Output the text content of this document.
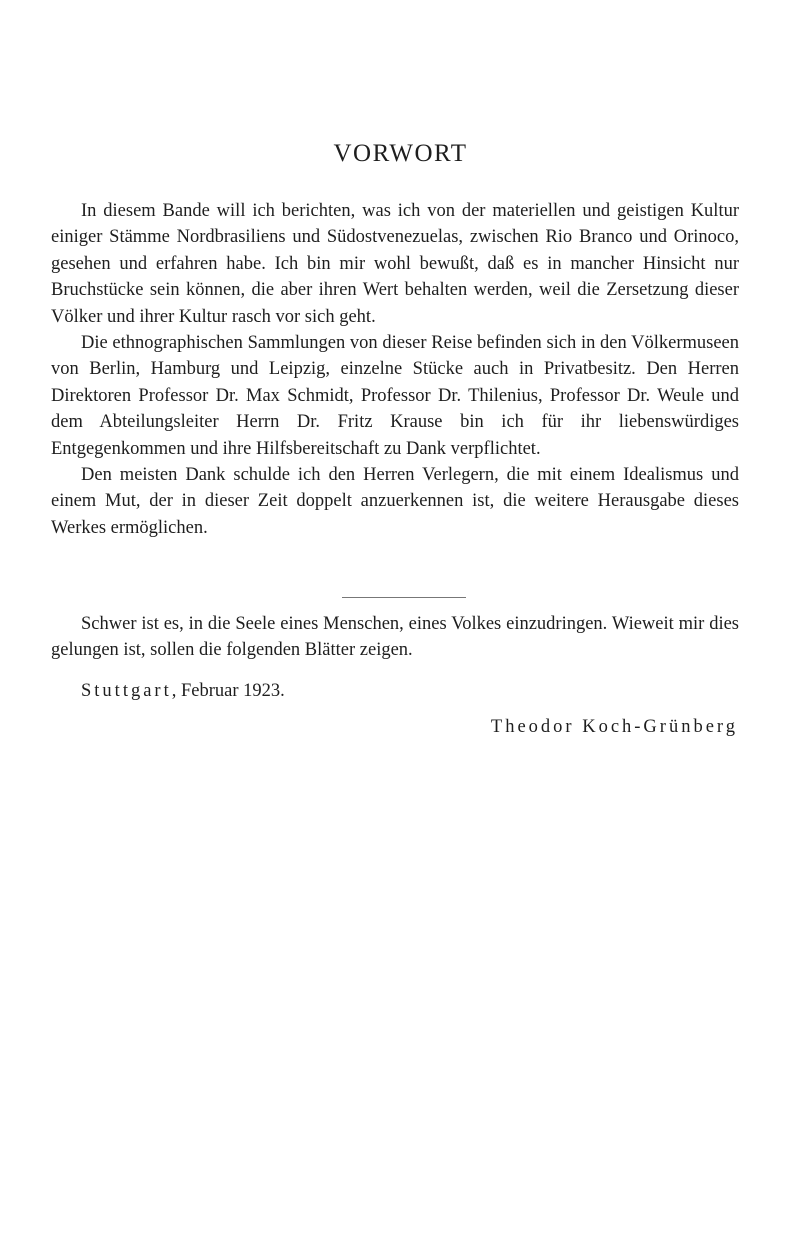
VORWORT

In diesem Bande will ich berichten, was ich von der materiellen und geistigen Kultur einiger Stämme Nordbrasiliens und Südostvenezuelas, zwischen Rio Branco und Orinoco, gesehen und erfahren habe. Ich bin mir wohl bewußt, daß es in mancher Hinsicht nur Bruchstücke sein können, die aber ihren Wert behalten werden, weil die Zersetzung dieser Völker und ihrer Kultur rasch vor sich geht.

Die ethnographischen Sammlungen von dieser Reise befinden sich in den Völkermuseen von Berlin, Hamburg und Leipzig, einzelne Stücke auch in Privatbesitz. Den Herren Direktoren Professor Dr. Max Schmidt, Professor Dr. Thilenius, Professor Dr. Weule und dem Abteilungsleiter Herrn Dr. Fritz Krause bin ich für ihr liebenswürdiges Entgegenkommen und ihre Hilfsbereitschaft zu Dank verpflichtet.

Den meisten Dank schulde ich den Herren Verlegern, die mit einem Idealismus und einem Mut, der in dieser Zeit doppelt anzuerkennen ist, die weitere Herausgabe dieses Werkes ermöglichen.

Schwer ist es, in die Seele eines Menschen, eines Volkes einzudringen. Wieweit mir dies gelungen ist, sollen die folgenden Blätter zeigen.

Stuttgart, Februar 1923.
Theodor Koch-Grünberg
